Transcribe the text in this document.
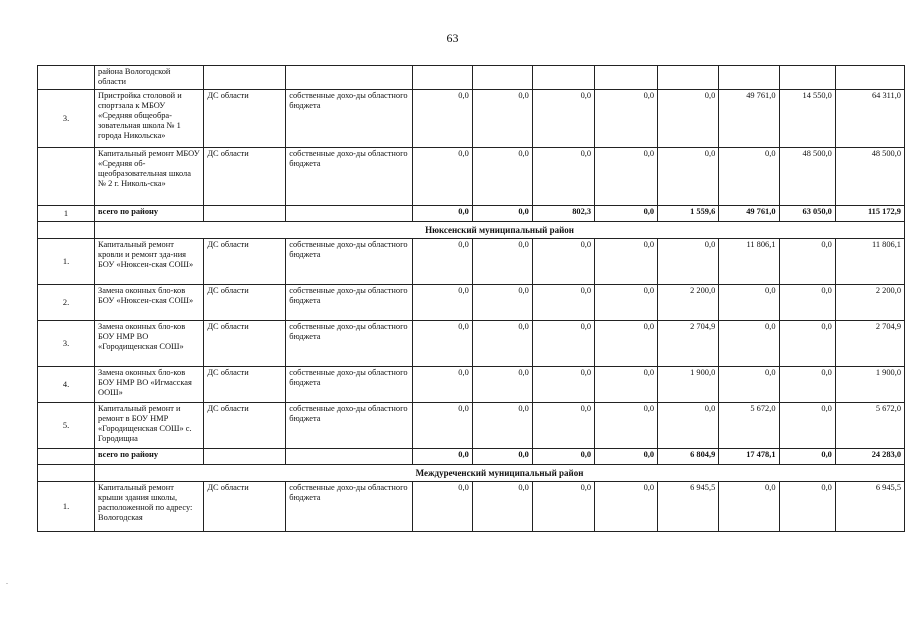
63
	района Вологодской области										
3.	Пристройка столовой и спортзала к МБОУ «Средняя общеобра-зовательная школа № 1 города Никольска»	ДС области	собственные дохо-ды областного бюджета	0,0	0,0	0,0	0,0	0,0	49 761,0	14 550,0	64 311,0
	Капитальный ремонт МБОУ «Средняя об-щеобразовательная школа № 2 г. Николь-ска»	ДС области	собственные дохо-ды областного бюджета	0,0	0,0	0,0	0,0	0,0	0,0	48 500,0	48 500,0
1	всего по району			0,0	0,0	802,3	0,0	1 559,6	49 761,0	63 050,0	115 172,9
	Нюксенский муниципальный район										
1.	Капитальный ремонт кровли и ремонт зда-ния БОУ «Нюксен-ская СОШ»	ДС области	собственные дохо-ды областного бюджета	0,0	0,0	0,0	0,0	0,0	11 806,1	0,0	11 806,1
2.	Замена оконных бло-ков БОУ «Нюксен-ская СОШ»	ДС области	собственные дохо-ды областного бюджета	0,0	0,0	0,0	0,0	2 200,0	0,0	0,0	2 200,0
3.	Замена оконных бло-ков БОУ НМР ВО «Городищенская СОШ»	ДС области	собственные дохо-ды областного бюджета	0,0	0,0	0,0	0,0	2 704,9	0,0	0,0	2 704,9
4.	Замена оконных бло-ков БОУ НМР ВО «Игмасская ООШ»	ДС области	собственные дохо-ды областного бюджета	0,0	0,0	0,0	0,0	1 900,0	0,0	0,0	1 900,0
5.	Капитальный ремонт и ремонт в БОУ НМР «Городищенская СОШ» с. Городищна	ДС области	собственные дохо-ды областного бюджета	0,0	0,0	0,0	0,0	0,0	5 672,0	0,0	5 672,0
	всего по району			0,0	0,0	0,0	0,0	6 804,9	17 478,1	0,0	24 283,0
	Междуреченский муниципальный район										
1.	Капитальный ремонт крыши здания школы, расположенной по адресу: Вологодская	ДС области	собственные дохо-ды областного бюджета	0,0	0,0	0,0	0,0	6 945,5	0,0	0,0	6 945,5
.
